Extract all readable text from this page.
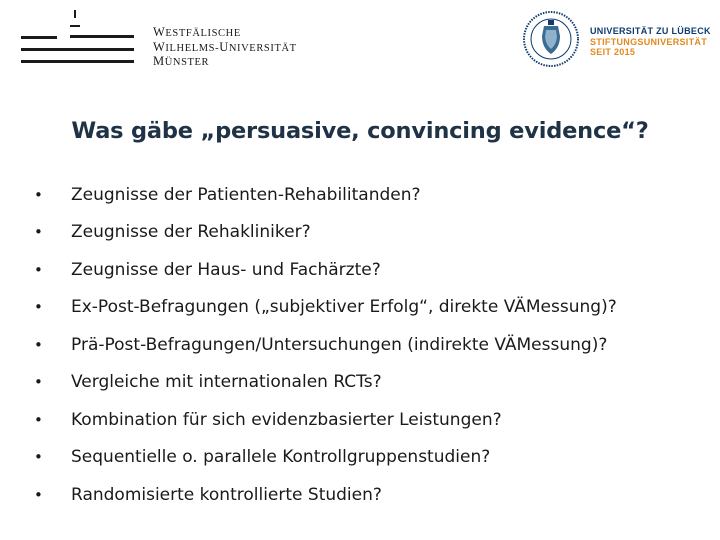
WESTFÄLISCHE
WILHELMS-UNIVERSITÄT
MÜNSTER
UNIVERSITÄT ZU LÜBECK
STIFTUNGSUNIVERSITÄT
SEIT 2015
Was gäbe „persuasive, convincing evidence“?
•	Zeugnisse der Patienten-Rehabilitanden?
•	Zeugnisse der Rehakliniker?
•	Zeugnisse der Haus- und Fachärzte?
•	Ex-Post-Befragungen („subjektiver Erfolg“, direkte VÄMessung)?
•	Prä-Post-Befragungen/Untersuchungen (indirekte VÄMessung)?
•	Vergleiche mit internationalen RCTs?
•	Kombination für sich evidenzbasierter Leistungen?
•	Sequentielle o. parallele Kontrollgruppenstudien?
•	Randomisierte kontrollierte Studien?
